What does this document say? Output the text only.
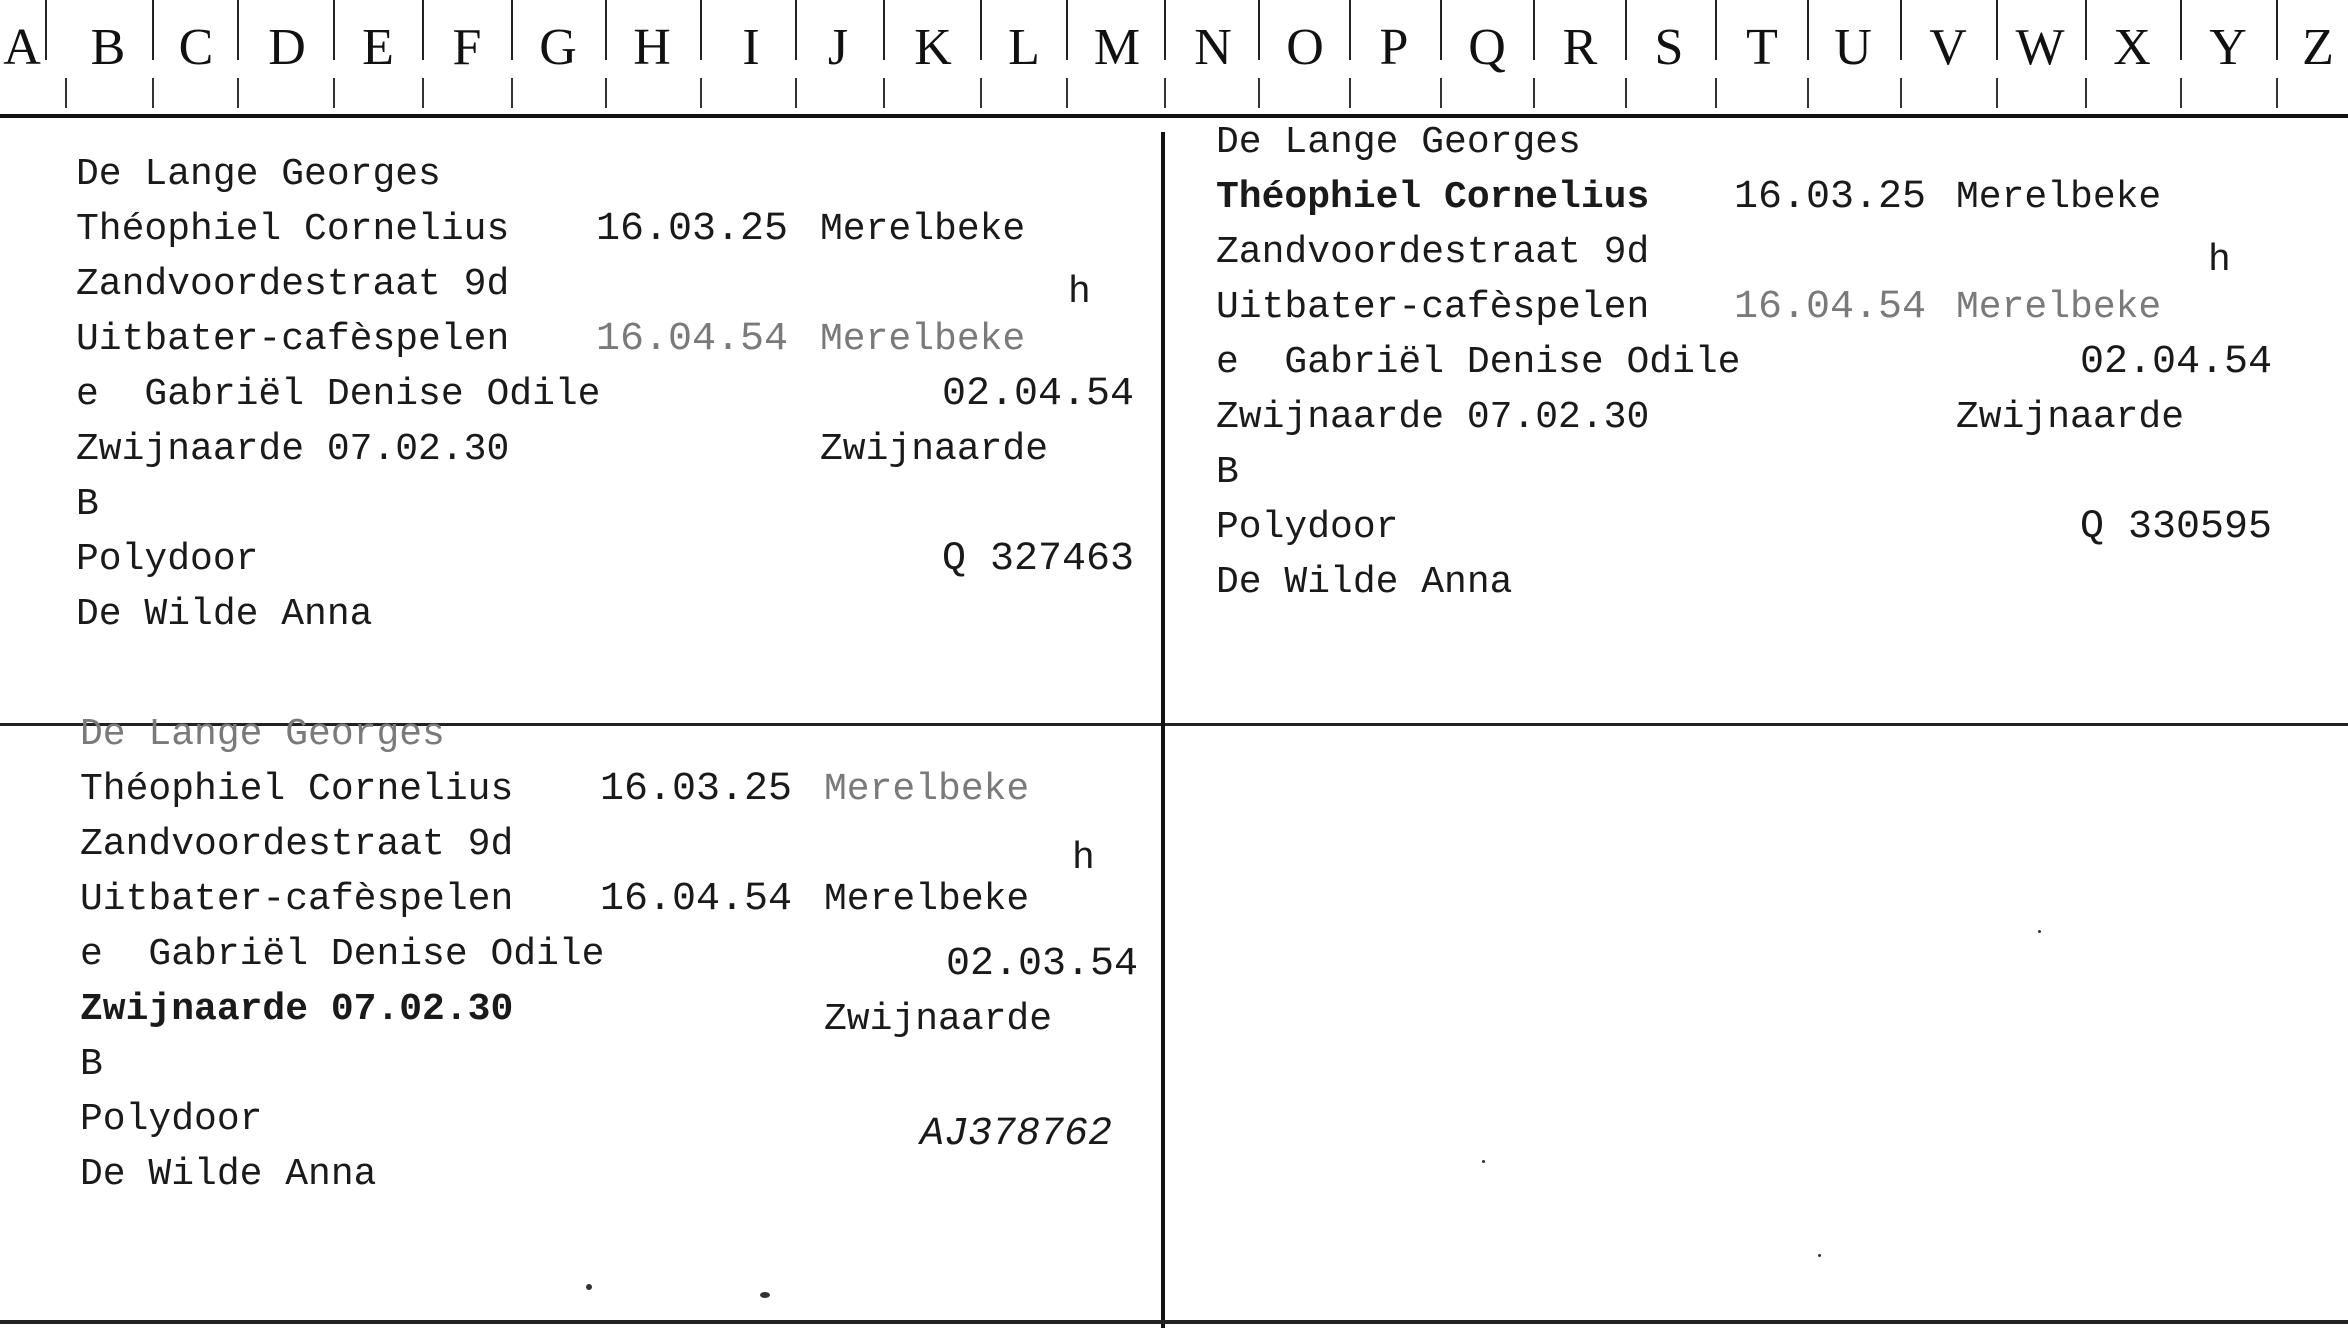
A B	C	D	E	F	G	H	I	J	K	L	M	N	O	P	Q	R	S	T	U	V W X	Y	Z
De Lange Georges
Théophiel Cornelius 16.03.25 Merelbeke
Zandvoordestraat 9d	h
Uitbater-cafèspelen 16.04.54 Merelbeke
e  Gabriël Denise Odile	02.04.54
Zwijnaarde 07.02.30	Zwijnaarde
B
Polydoor	Q 327463
De Wilde Anna
De Lange Georges
Théophiel Cornelius 16.03.25 Merelbeke
Zandvoordestraat 9d	h
Uitbater-cafèspelen 16.04.54 Merelbeke
e  Gabriël Denise Odile	02.04.54
Zwijnaarde 07.02.30	Zwijnaarde
B
Polydoor	Q 330595
De Wilde Anna
De Lange Georges
Théophiel Cornelius 16.03.25 Merelbeke
Zandvoordestraat 9d	h
Uitbater-cafèspelen 16.04.54 Merelbeke
e  Gabriël Denise Odile	02.03.54
Zwijnaarde 07.02.30	Zwijnaarde
B
Polydoor	AJ378762
De Wilde Anna
